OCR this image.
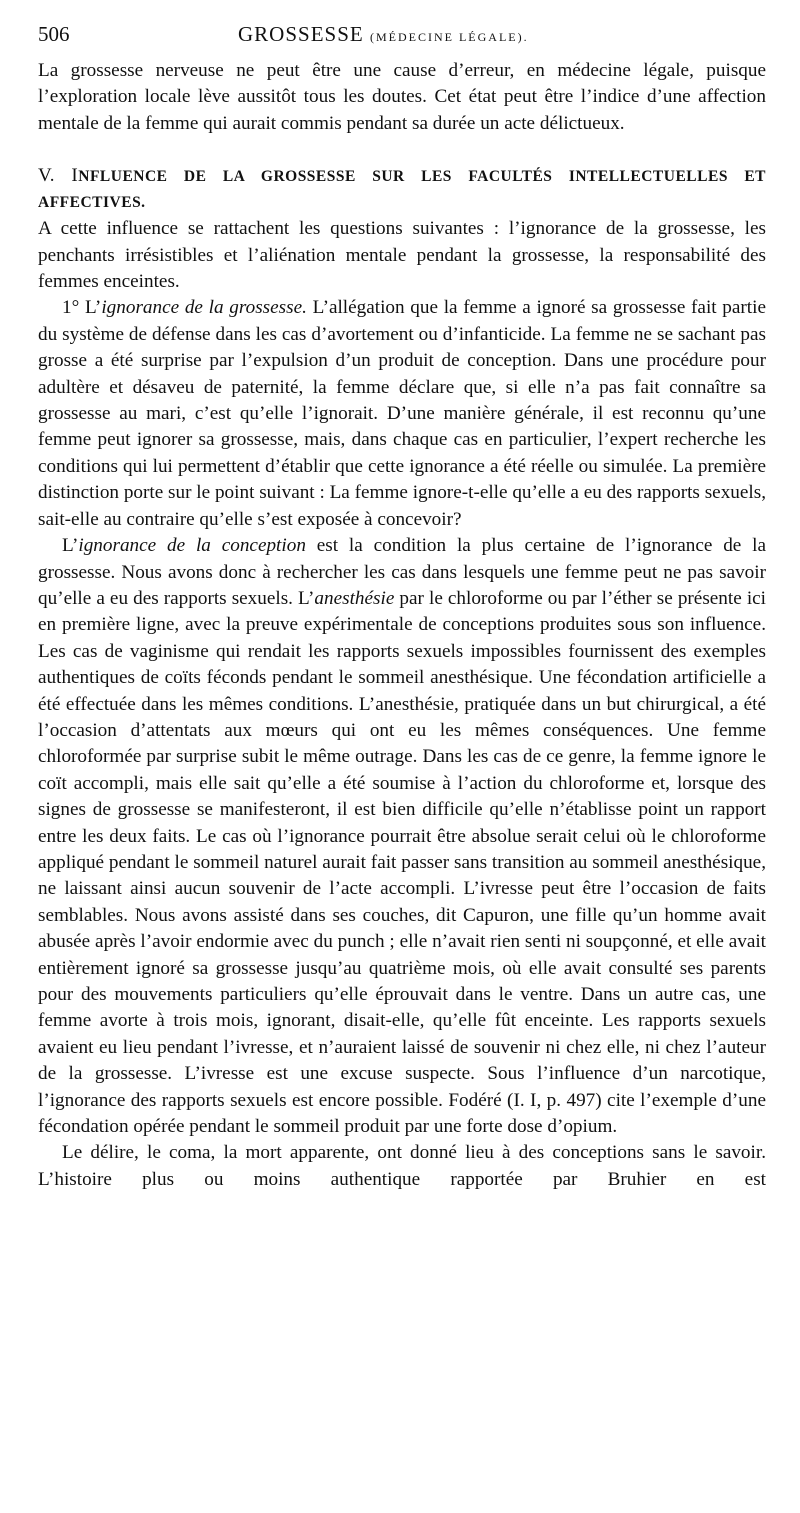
506	GROSSESSE (MÉDECINE LÉGALE).

La grossesse nerveuse ne peut être une cause d’erreur, en médecine légale, puisque l’exploration locale lève aussitôt tous les doutes. Cet état peut être l’indice d’une affection mentale de la femme qui aurait commis pendant sa durée un acte délictueux.

V. INFLUENCE DE LA GROSSESSE SUR LES FACULTÉS INTELLECTUELLES ET AFFECTIVES.

A cette influence se rattachent les questions suivantes : l’ignorance de la grossesse, les penchants irrésistibles et l’aliénation mentale pendant la grossesse, la responsabilité des femmes enceintes.

1° L’ignorance de la grossesse. L’allégation que la femme a ignoré sa grossesse fait partie du système de défense dans les cas d’avortement ou d’infanticide. La femme ne se sachant pas grosse a été surprise par l’expulsion d’un produit de conception. Dans une procédure pour adultère et désaveu de paternité, la femme déclare que, si elle n’a pas fait connaître sa grossesse au mari, c’est qu’elle l’ignorait. D’une manière générale, il est reconnu qu’une femme peut ignorer sa grossesse, mais, dans chaque cas en particulier, l’expert recherche les conditions qui lui permettent d’établir que cette ignorance a été réelle ou simulée. La première distinction porte sur le point suivant : La femme ignore-t-elle qu’elle a eu des rapports sexuels, sait-elle au contraire qu’elle s’est exposée à concevoir?

L’ignorance de la conception est la condition la plus certaine de l’ignorance de la grossesse. Nous avons donc à rechercher les cas dans lesquels une femme peut ne pas savoir qu’elle a eu des rapports sexuels. L’anesthésie par le chloroforme ou par l’éther se présente ici en première ligne, avec la preuve expérimentale de conceptions produites sous son influence. Les cas de vaginisme qui rendait les rapports sexuels impossibles fournissent des exemples authentiques de coïts féconds pendant le sommeil anesthésique. Une fécondation artificielle a été effectuée dans les mêmes conditions. L’anesthésie, pratiquée dans un but chirurgical, a été l’occasion d’attentats aux mœurs qui ont eu les mêmes conséquences. Une femme chloroformée par surprise subit le même outrage. Dans les cas de ce genre, la femme ignore le coït accompli, mais elle sait qu’elle a été soumise à l’action du chloroforme et, lorsque des signes de grossesse se manifesteront, il est bien difficile qu’elle n’établisse point un rapport entre les deux faits. Le cas où l’ignorance pourrait être absolue serait celui où le chloroforme appliqué pendant le sommeil naturel aurait fait passer sans transition au sommeil anesthésique, ne laissant ainsi aucun souvenir de l’acte accompli. L’ivresse peut être l’occasion de faits semblables. Nous avons assisté dans ses couches, dit Capuron, une fille qu’un homme avait abusée après l’avoir endormie avec du punch ; elle n’avait rien senti ni soupçonné, et elle avait entièrement ignoré sa grossesse jusqu’au quatrième mois, où elle avait consulté ses parents pour des mouvements particuliers qu’elle éprouvait dans le ventre. Dans un autre cas, une femme avorte à trois mois, ignorant, disait-elle, qu’elle fût enceinte. Les rapports sexuels avaient eu lieu pendant l’ivresse, et n’auraient laissé de souvenir ni chez elle, ni chez l’auteur de la grossesse. L’ivresse est une excuse suspecte. Sous l’influence d’un narcotique, l’ignorance des rapports sexuels est encore possible. Fodéré (I. I, p. 497) cite l’exemple d’une fécondation opérée pendant le sommeil produit par une forte dose d’opium.

Le délire, le coma, la mort apparente, ont donné lieu à des conceptions sans le savoir. L’histoire plus ou moins authentique rapportée par Bruhier en est
